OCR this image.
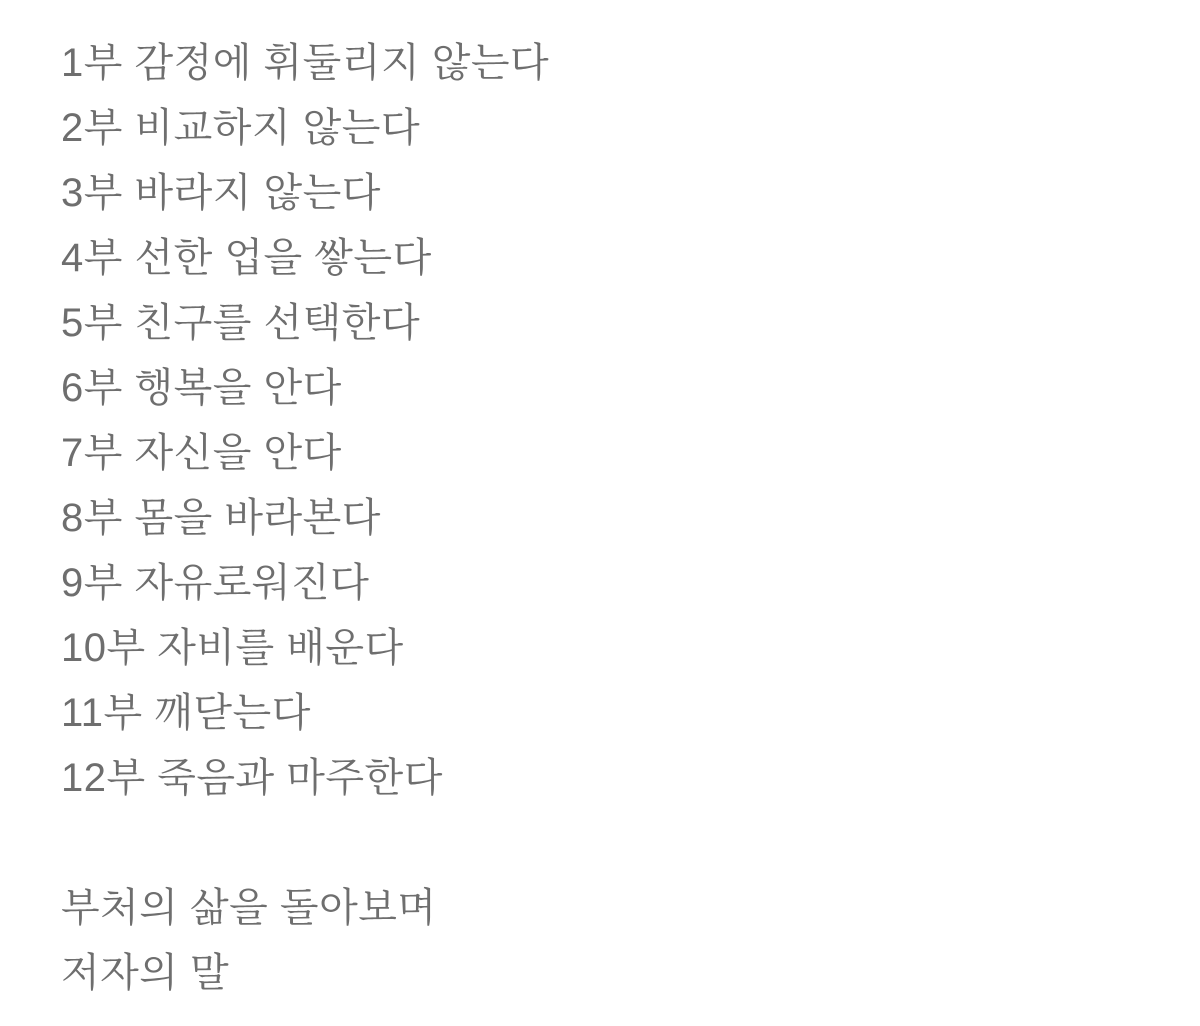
1부 감정에 휘둘리지 않는다
2부 비교하지 않는다
3부 바라지 않는다
4부 선한 업을 쌓는다
5부 친구를 선택한다
6부 행복을 안다
7부 자신을 안다
8부 몸을 바라본다
9부 자유로워진다
10부 자비를 배운다
11부 깨닫는다
12부 죽음과 마주한다
부처의 삶을 돌아보며
저자의 말
